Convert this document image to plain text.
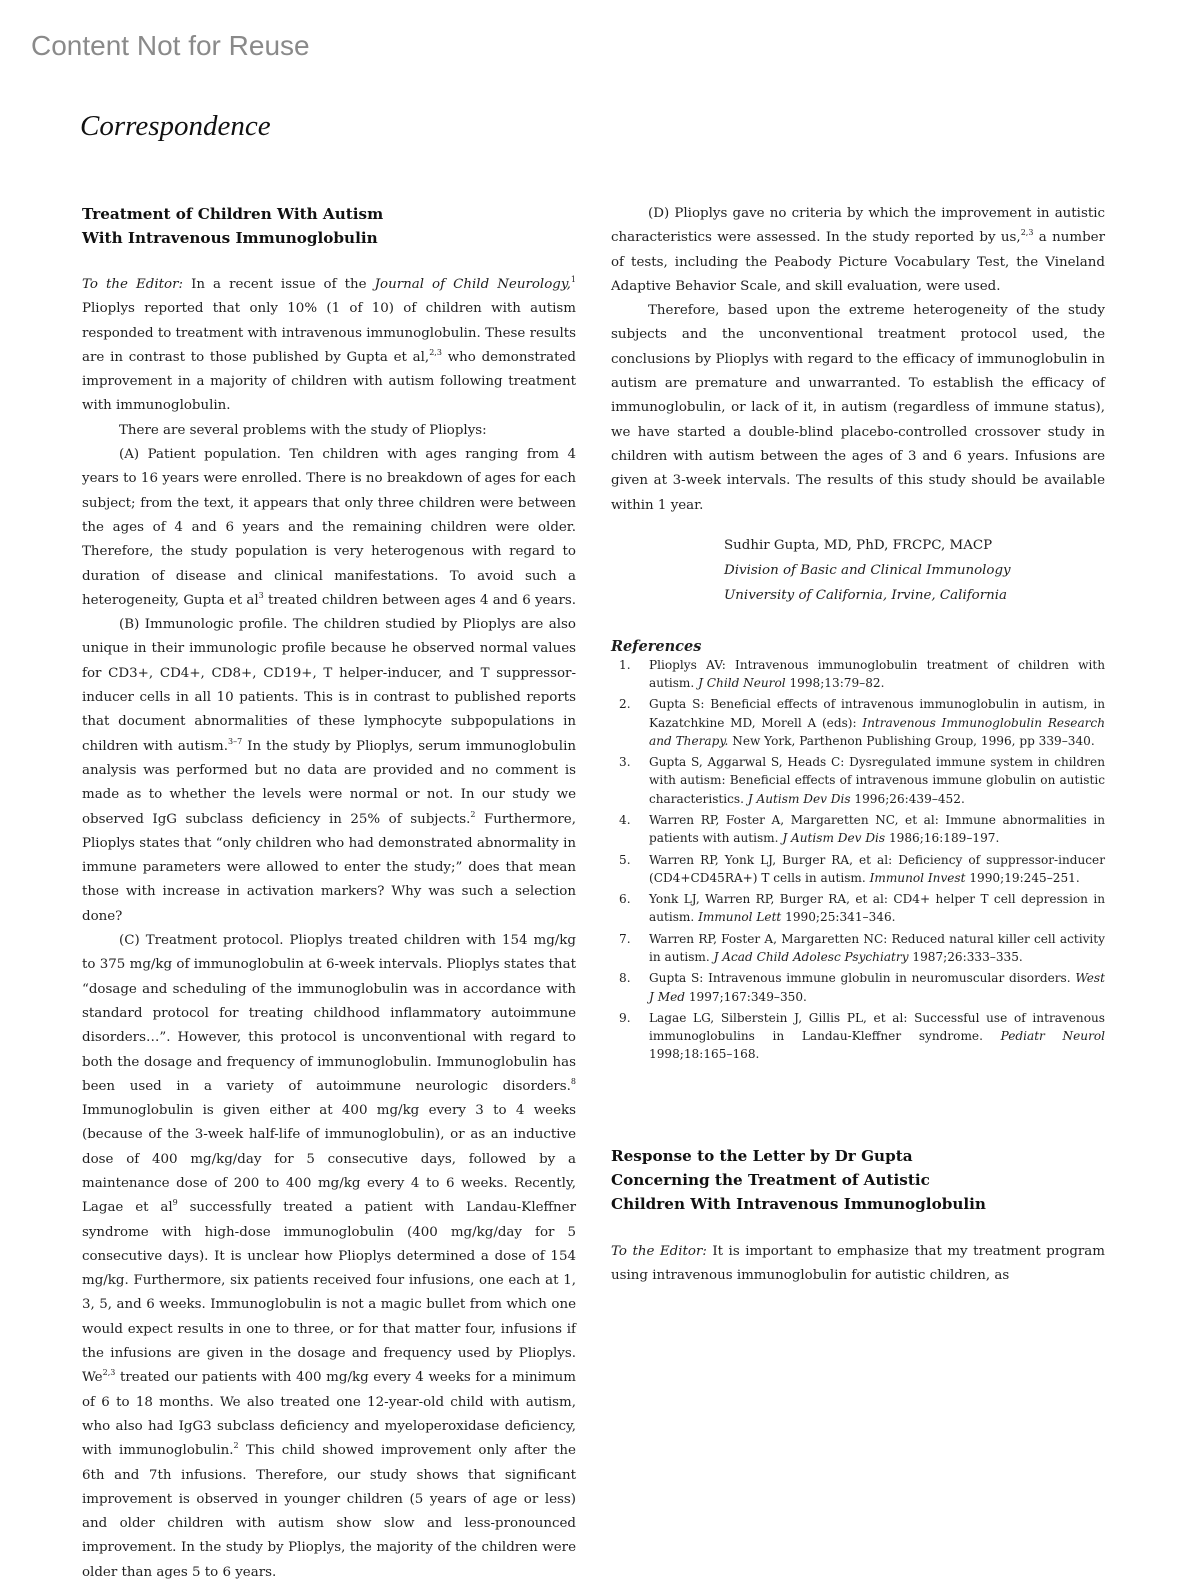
Content Not for Reuse
Correspondence
Treatment of Children With Autism
With Intravenous Immunoglobulin

To the Editor: In a recent issue of the Journal of Child Neurology,$^1$ Plioplys reported that only 10% (1 of 10) of children with autism responded to treatment with intravenous immunoglobulin. These results are in contrast to those published by Gupta et al,$^{2,3}$ who demonstrated improvement in a majority of children with autism following treatment with immunoglobulin.

There are several problems with the study of Plioplys:

(A) Patient population. Ten children with ages ranging from 4 years to 16 years were enrolled. There is no breakdown of ages for each subject; from the text, it appears that only three children were between the ages of 4 and 6 years and the remaining children were older. Therefore, the study population is very heterogenous with regard to duration of disease and clinical manifestations. To avoid such a heterogeneity, Gupta et $al^3$ treated children between ages 4 and 6 years.

(B) Immunologic profile. The children studied by Plioplys are also unique in their immunologic profile because he observed normal values for CD3+, CD4+, CD8+, CD19+, T helper-inducer, and T suppressor-inducer cells in all 10 patients. This is in contrast to published reports that document abnormalities of these lymphocyte subpopulations in children with autism.$^{3-7}$ In the study by Plioplys, serum immunoglobulin analysis was performed but no data are provided and no comment is made as to whether the levels were normal or not. In our study we observed IgG subclass deficiency in 25% of subjects.$^2$ Furthermore, Plioplys states that “only children who had demonstrated abnormality in immune parameters were allowed to enter the study;” does that mean those with increase in activation markers? Why was such a selection done?

(C) Treatment protocol. Plioplys treated children with 154 mg/kg to 375 mg/kg of immunoglobulin at 6-week intervals. Plioplys states that “dosage and scheduling of the immunoglobulin was in accordance with standard protocol for treating childhood inflammatory autoimmune disorders…”. However, this protocol is unconventional with regard to both the dosage and frequency of immunoglobulin. Immunoglobulin has been used in a variety of autoimmune neurologic disorders.$^8$ Immunoglobulin is given either at 400 mg/kg every 3 to 4 weeks (because of the 3-week half-life of immunoglobulin), or as an inductive dose of 400 mg/kg/day for 5 consecutive days, followed by a maintenance dose of 200 to 400 mg/kg every 4 to 6 weeks. Recently, Lagae et $al^9$ successfully treated a patient with Landau-Kleffner syndrome with high-dose immunoglobulin (400 mg/kg/day for 5 consecutive days). It is unclear how Plioplys determined a dose of 154 mg/kg. Furthermore, six patients received four infusions, one each at 1, 3, 5, and 6 weeks. Immunoglobulin is not a magic bullet from which one would expect results in one to three, or for that matter four, infusions if the infusions are given in the dosage and frequency used by Plioplys. We$^{2,3}$ treated our patients with 400 mg/kg every 4 weeks for a minimum of 6 to 18 months. We also treated one 12-year-old child with autism, who also had IgG3 subclass deficiency and myeloperoxidase deficiency, with immunoglobulin.$^2$ This child showed improvement only after the 6th and 7th infusions. Therefore, our study shows that significant improvement is observed in younger children (5 years of age or less) and older children with autism show slow and less-pronounced improvement. In the study by Plioplys, the majority of the children were older than ages 5 to 6 years.

(D) Plioplys gave no criteria by which the improvement in autistic characteristics were assessed. In the study reported by us,$^{2,3}$ a number of tests, including the Peabody Picture Vocabulary Test, the Vineland Adaptive Behavior Scale, and skill evaluation, were used.

Therefore, based upon the extreme heterogeneity of the study subjects and the unconventional treatment protocol used, the conclusions by Plioplys with regard to the efficacy of immunoglobulin in autism are premature and unwarranted. To establish the efficacy of immunoglobulin, or lack of it, in autism (regardless of immune status), we have started a double-blind placebo-controlled crossover study in children with autism between the ages of 3 and 6 years. Infusions are given at 3-week intervals. The results of this study should be available within 1 year.

Sudhir Gupta, MD, PhD, FRCPC, MACP
Division of Basic and Clinical Immunology
University of California, Irvine, California
References
1. Plioplys AV: Intravenous immunoglobulin treatment of children with autism. J Child Neurol 1998;13:79–82.
2. Gupta S: Beneficial effects of intravenous immunoglobulin in autism, in Kazatchkine MD, Morell A (eds): Intravenous Immunoglobulin Research and Therapy. New York, Parthenon Publishing Group, 1996, pp 339–340.
3. Gupta S, Aggarwal S, Heads C: Dysregulated immune system in children with autism: Beneficial effects of intravenous immune globulin on autistic characteristics. J Autism Dev Dis 1996;26:439–452.
4. Warren RP, Foster A, Margaretten NC, et al: Immune abnormalities in patients with autism. J Autism Dev Dis 1986;16:189–197.
5. Warren RP, Yonk LJ, Burger RA, et al: Deficiency of suppressor-inducer (CD4+CD45RA+) T cells in autism. Immunol Invest 1990;19:245–251.
6. Yonk LJ, Warren RP, Burger RA, et al: CD4+ helper T cell depression in autism. Immunol Lett 1990;25:341–346.
7. Warren RP, Foster A, Margaretten NC: Reduced natural killer cell activity in autism. J Acad Child Adolesc Psychiatry 1987;26:333–335.
8. Gupta S: Intravenous immune globulin in neuromuscular disorders. West J Med 1997;167:349–350.
9. Lagae LG, Silberstein J, Gillis PL, et al: Successful use of intravenous immunoglobulins in Landau-Kleffner syndrome. Pediatr Neurol 1998;18:165–168.
Response to the Letter by Dr Gupta
Concerning the Treatment of Autistic
Children With Intravenous Immunoglobulin

To the Editor: It is important to emphasize that my treatment program using intravenous immunoglobulin for autistic children, as
